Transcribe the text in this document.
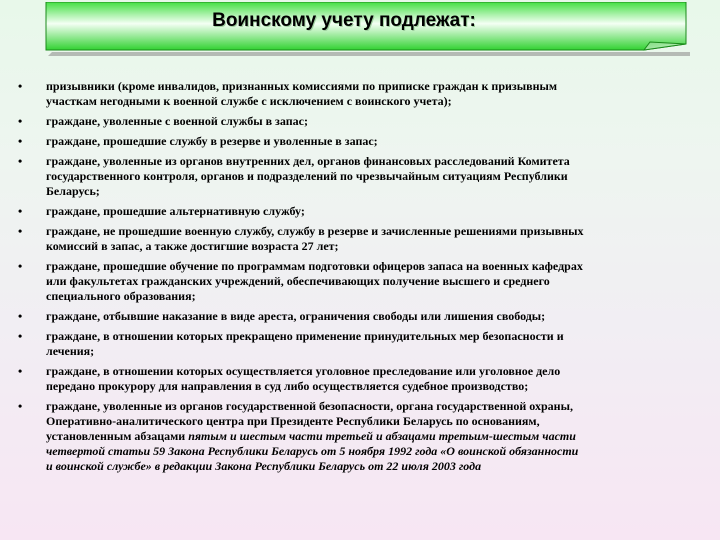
Воинскому учету подлежат:
• призывники (кроме инвалидов, признанных комиссиями по приписке граждан к призывным
участкам негодными к военной службе с исключением с воинского учета);
• граждане, уволенные с военной службы в запас;
• граждане, прошедшие службу в резерве и уволенные в запас;
• граждане, уволенные из органов внутренних дел, органов финансовых расследований Комитета
государственного контроля, органов и подразделений по чрезвычайным ситуациям Республики
Беларусь;
• граждане, прошедшие альтернативную службу;
• граждане, не прошедшие военную службу, службу в резерве и зачисленные решениями призывных
комиссий в запас, а также достигшие возраста 27 лет;
• граждане, прошедшие обучение по программам подготовки офицеров запаса на военных кафедрах
или факультетах гражданских учреждений, обеспечивающих получение высшего и среднего
специального образования;
• граждане, отбывшие наказание в виде ареста, ограничения свободы или лишения свободы;
• граждане, в отношении которых прекращено применение принудительных мер безопасности и
лечения;
• граждане, в отношении которых осуществляется уголовное преследование или уголовное дело
передано прокурору для направления в суд либо осуществляется судебное производство;
• граждане, уволенные из органов государственной безопасности, органа государственной охраны,
Оперативно-аналитического центра при Президенте Республики Беларусь по основаниям,
установленным абзацами пятым и шестым части третьей и абзацами третьим-шестым части
четвертой статьи 59 Закона Республики Беларусь от 5 ноября 1992 года «О воинской обязанности
и воинской службе» в редакции Закона Республики Беларусь от 22 июля 2003 года
